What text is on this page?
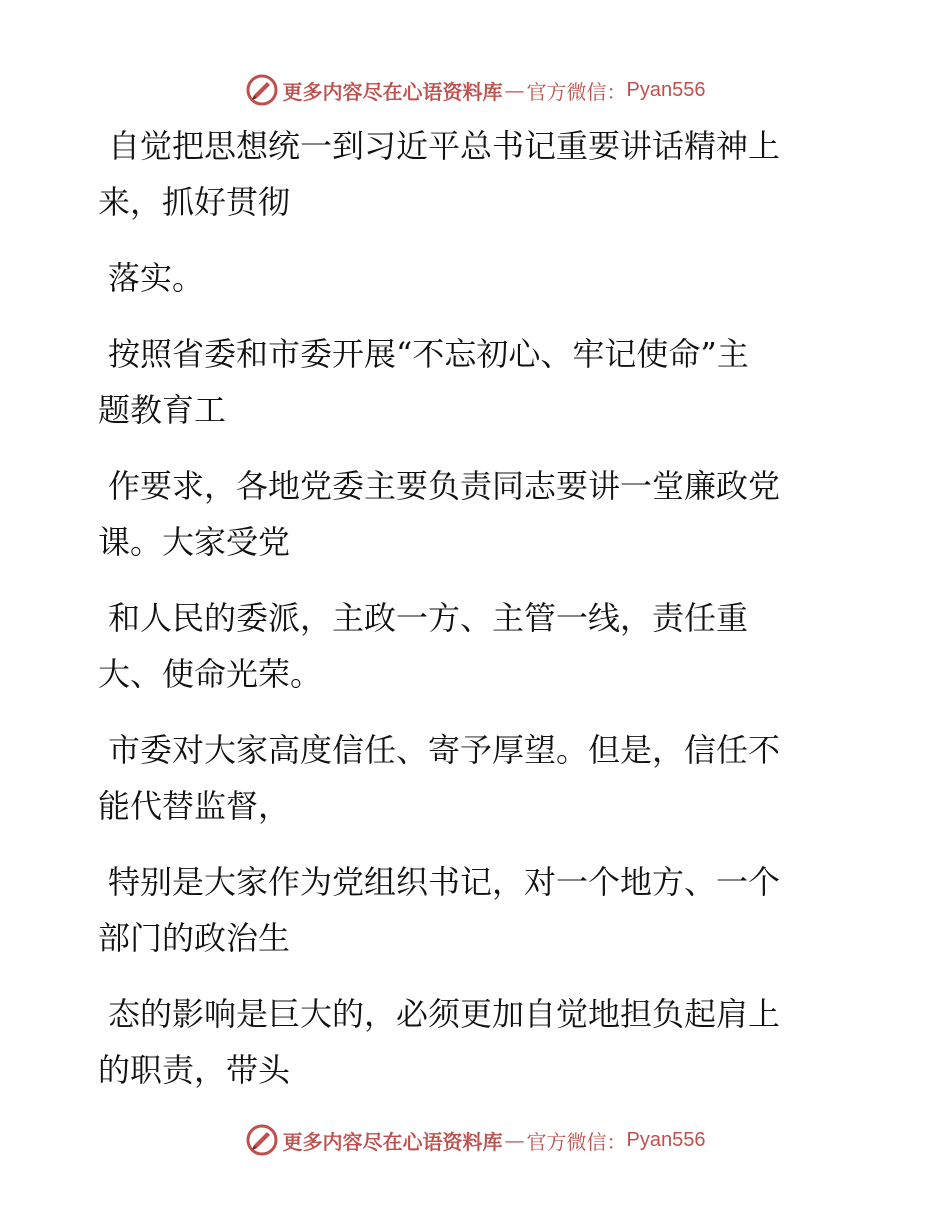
更多内容尽在心语资料库 — 官方微信： Pyan556
自觉把思想统一到习近平总书记重要讲话精神上
来，抓好贯彻
落实。
按照省委和市委开展“不忘初心、牢记使命”主
题教育工
作要求，各地党委主要负责同志要讲一堂廉政党
课。大家受党
和人民的委派，主政一方、主管一线，责任重
大、使命光荣。
市委对大家高度信任、寄予厚望。但是，信任不
能代替监督，
特别是大家作为党组织书记，对一个地方、一个
部门的政治生
态的影响是巨大的，必须更加自觉地担负起肩上
的职责，带头
更多内容尽在心语资料库 — 官方微信： Pyan556
